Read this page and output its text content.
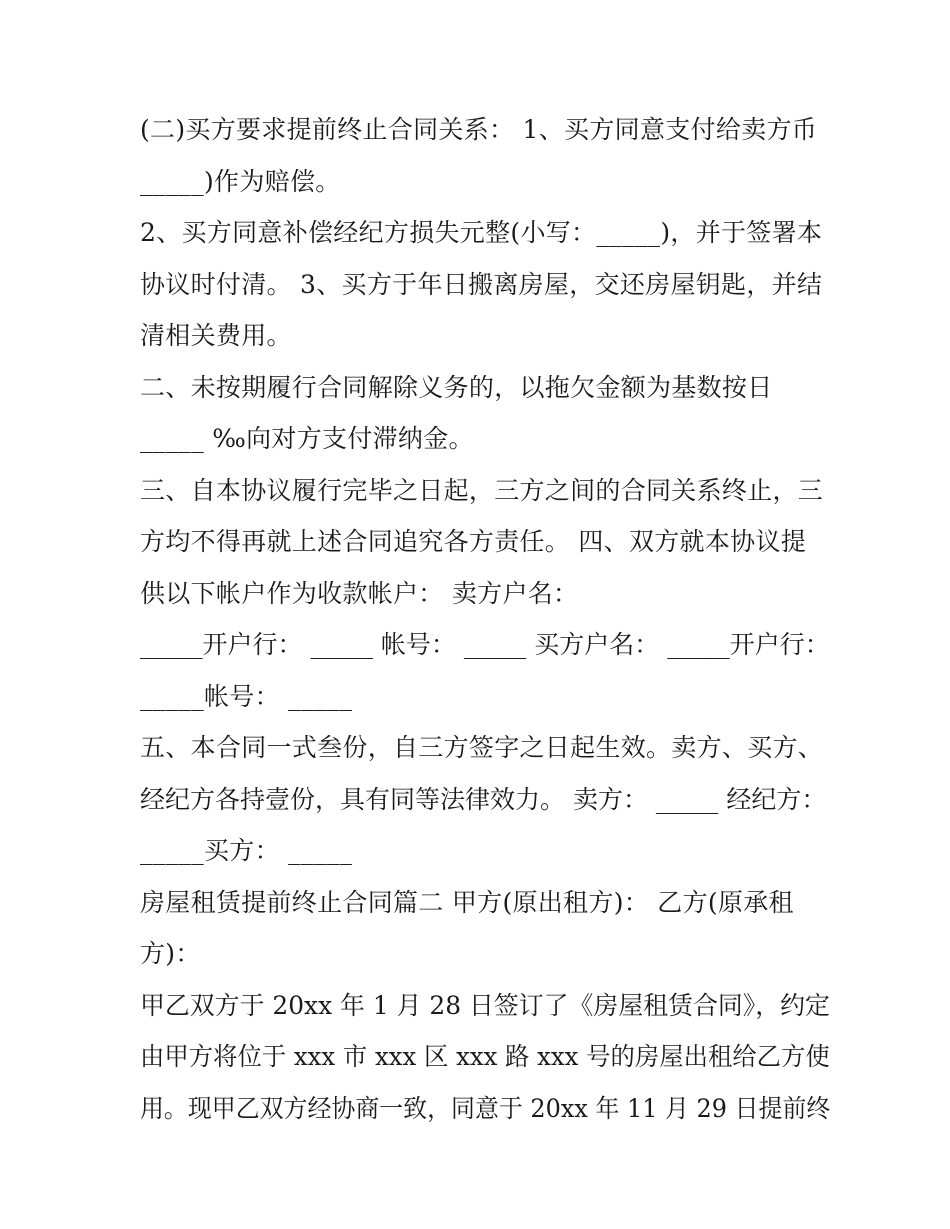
(二)买方要求提前终止合同关系： 1、买方同意支付给卖方币
_____)作为赔偿。
2、买方同意补偿经纪方损失元整(小写：_____)，并于签署本
协议时付清。 3、买方于年日搬离房屋，交还房屋钥匙，并结
清相关费用。
二、未按期履行合同解除义务的，以拖欠金额为基数按日
_____ ‰向对方支付滞纳金。
三、自本协议履行完毕之日起，三方之间的合同关系终止，三
方均不得再就上述合同追究各方责任。 四、双方就本协议提
供以下帐户作为收款帐户： 卖方户名：
_____开户行： _____ 帐号： _____ 买方户名： _____开户行：
_____帐号： _____
五、本合同一式叁份，自三方签字之日起生效。卖方、买方、
经纪方各持壹份，具有同等法律效力。 卖方： _____ 经纪方：
_____买方： _____
房屋租赁提前终止合同篇二 甲方(原出租方)： 乙方(原承租
方)：
甲乙双方于 20xx 年 1 月 28 日签订了《房屋租赁合同》，约定
由甲方将位于 xxx 市 xxx 区 xxx 路 xxx 号的房屋出租给乙方使
用。现甲乙双方经协商一致，同意于 20xx 年 11 月 29 日提前终
